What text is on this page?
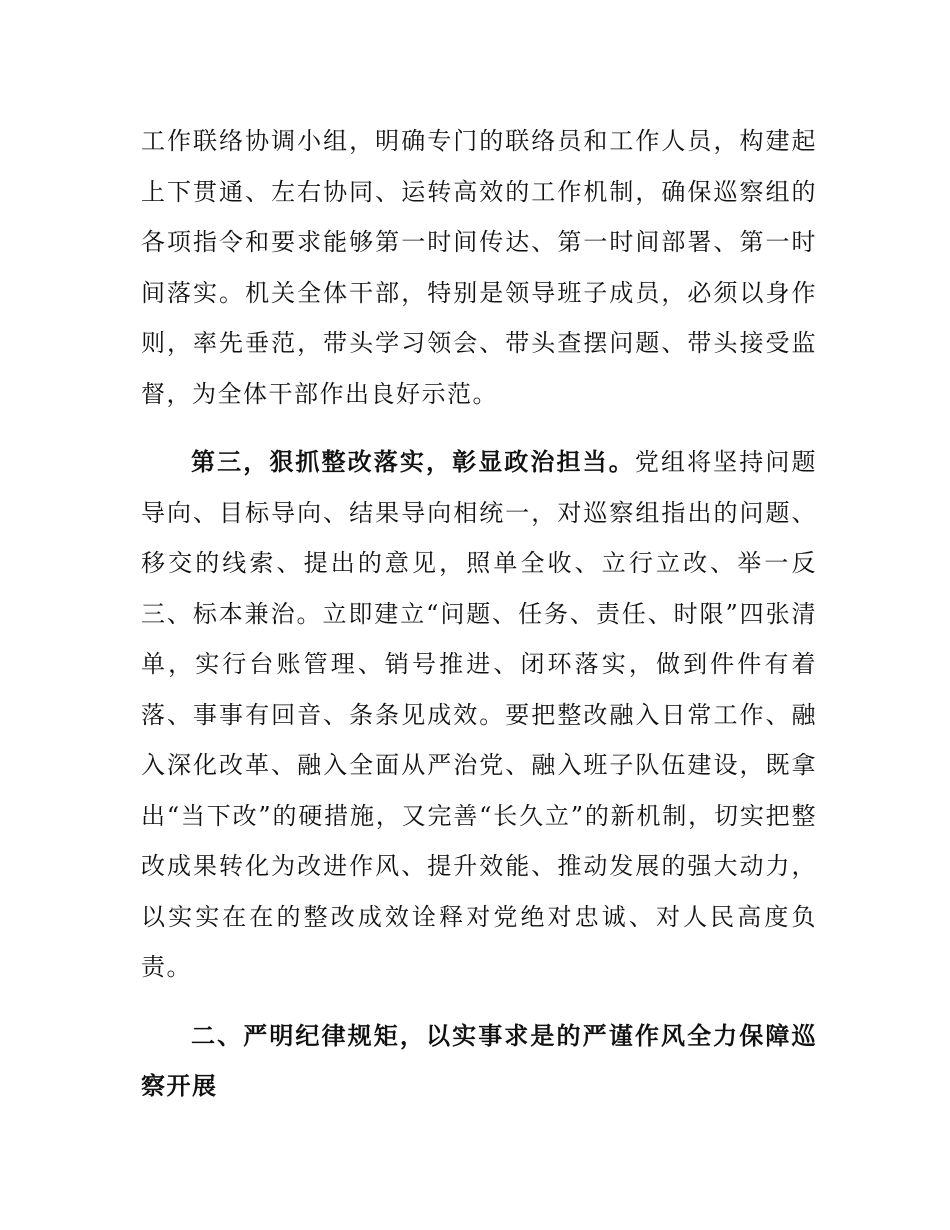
工作联络协调小组，明确专门的联络员和工作人员，构建起上下贯通、左右协同、运转高效的工作机制，确保巡察组的各项指令和要求能够第一时间传达、第一时间部署、第一时间落实。机关全体干部，特别是领导班子成员，必须以身作则，率先垂范，带头学习领会、带头查摆问题、带头接受监督，为全体干部作出良好示范。

第三，狠抓整改落实，彰显政治担当。党组将坚持问题导向、目标导向、结果导向相统一，对巡察组指出的问题、移交的线索、提出的意见，照单全收、立行立改、举一反三、标本兼治。立即建立“问题、任务、责任、时限”四张清单，实行台账管理、销号推进、闭环落实，做到件件有着落、事事有回音、条条见成效。要把整改融入日常工作、融入深化改革、融入全面从严治党、融入班子队伍建设，既拿出“当下改”的硬措施，又完善“长久立”的新机制，切实把整改成果转化为改进作风、提升效能、推动发展的强大动力，以实实在在的整改成效诠释对党绝对忠诚、对人民高度负责。

二、严明纪律规矩，以实事求是的严谨作风全力保障巡察开展
